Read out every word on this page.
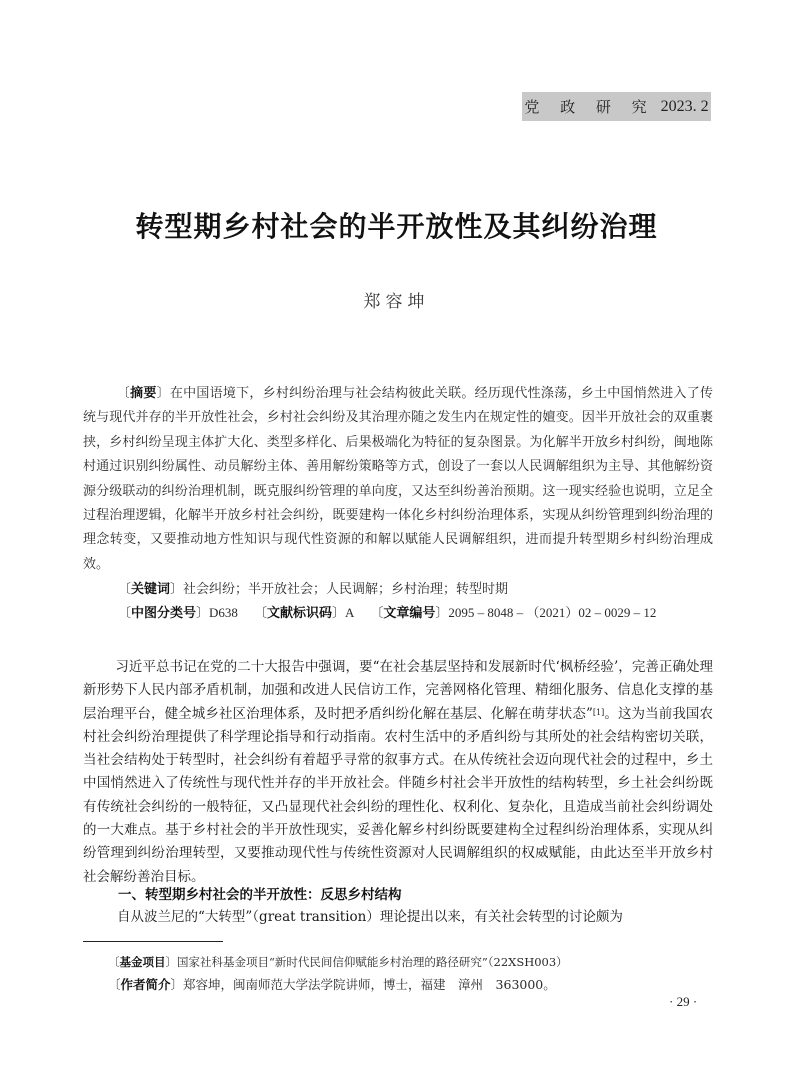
党 政 研 究 2023. 2
转型期乡村社会的半开放性及其纠纷治理
郑容坤

〔摘要〕在中国语境下，乡村纠纷治理与社会结构彼此关联。经历现代性涤荡，乡土中国悄然进入了传统与现代并存的半开放性社会，乡村社会纠纷及其治理亦随之发生内在规定性的嬗变。因半开放社会的双重裹挟，乡村纠纷呈现主体扩大化、类型多样化、后果极端化为特征的复杂图景。为化解半开放乡村纠纷，闽地陈村通过识别纠纷属性、动员解纷主体、善用解纷策略等方式，创设了一套以人民调解组织为主导、其他解纷资源分级联动的纠纷治理机制，既克服纠纷管理的单向度，又达至纠纷善治预期。这一现实经验也说明，立足全过程治理逻辑，化解半开放乡村社会纠纷，既要建构一体化乡村纠纷治理体系，实现从纠纷管理到纠纷治理的理念转变，又要推动地方性知识与现代性资源的和解以赋能人民调解组织，进而提升转型期乡村纠纷治理成效。

〔关键词〕社会纠纷；半开放社会；人民调解；乡村治理；转型时期
〔中图分类号〕D638 〔文献标识码〕A 〔文章编号〕2095 – 8048 – （2021）02 – 0029 – 12

习近平总书记在党的二十大报告中强调，要“在社会基层坚持和发展新时代‘枫桥经验’，完善正确处理新形势下人民内部矛盾机制，加强和改进人民信访工作，完善网格化管理、精细化服务、信息化支撑的基层治理平台，健全城乡社区治理体系，及时把矛盾纠纷化解在基层、化解在萌芽状态”[1]。这为当前我国农村社会纠纷治理提供了科学理论指导和行动指南。农村生活中的矛盾纠纷与其所处的社会结构密切关联，当社会结构处于转型时，社会纠纷有着超乎寻常的叙事方式。在从传统社会迈向现代社会的过程中，乡土中国悄然进入了传统性与现代性并存的半开放社会。伴随乡村社会半开放性的结构转型，乡土社会纠纷既有传统社会纠纷的一般特征，又凸显现代社会纠纷的理性化、权利化、复杂化，且造成当前社会纠纷调处的一大难点。基于乡村社会的半开放性现实，妥善化解乡村纠纷既要建构全过程纠纷治理体系，实现从纠纷管理到纠纷治理转型，又要推动现代性与传统性资源对人民调解组织的权威赋能，由此达至半开放乡村社会解纷善治目标。

一、转型期乡村社会的半开放性：反思乡村结构
自从波兰尼的“大转型”（great transition）理论提出以来，有关社会转型的讨论颇为
〔基金项目〕国家社科基金项目“新时代民间信仰赋能乡村治理的路径研究”（22XSH003）
〔作者简介〕郑容坤，闽南师范大学法学院讲师，博士，福建　漳州　363000。
· 29 ·
